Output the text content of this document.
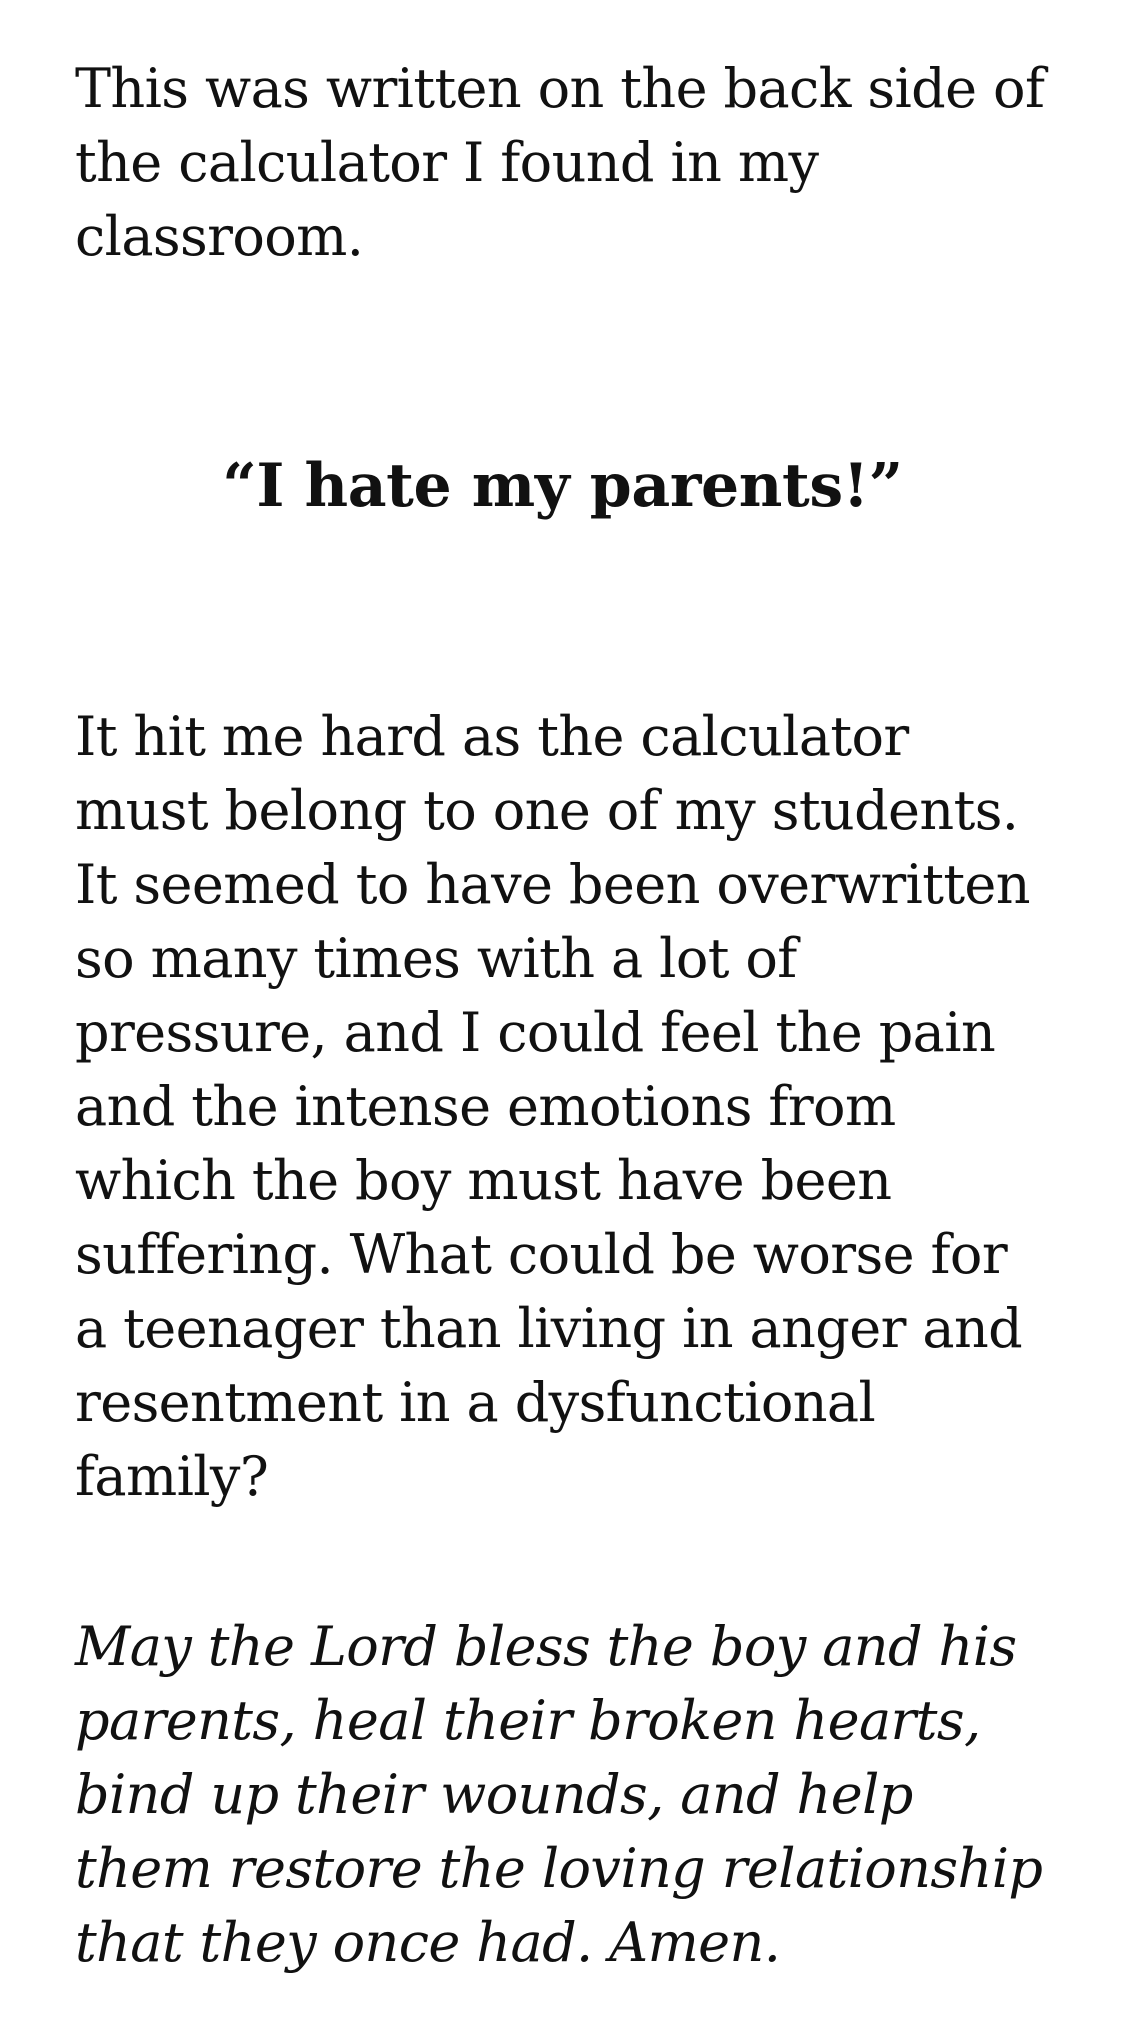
This was written on the back side of the calculator I found in my classroom.

“I hate my parents!”

It hit me hard as the calculator must belong to one of my students. It seemed to have been overwritten so many times with a lot of pressure, and I could feel the pain and the intense emotions from which the boy must have been suffering. What could be worse for a teenager than living in anger and resentment in a dysfunctional family?

May the Lord bless the boy and his parents, heal their broken hearts, bind up their wounds, and help them restore the loving relationship that they once had. Amen.
